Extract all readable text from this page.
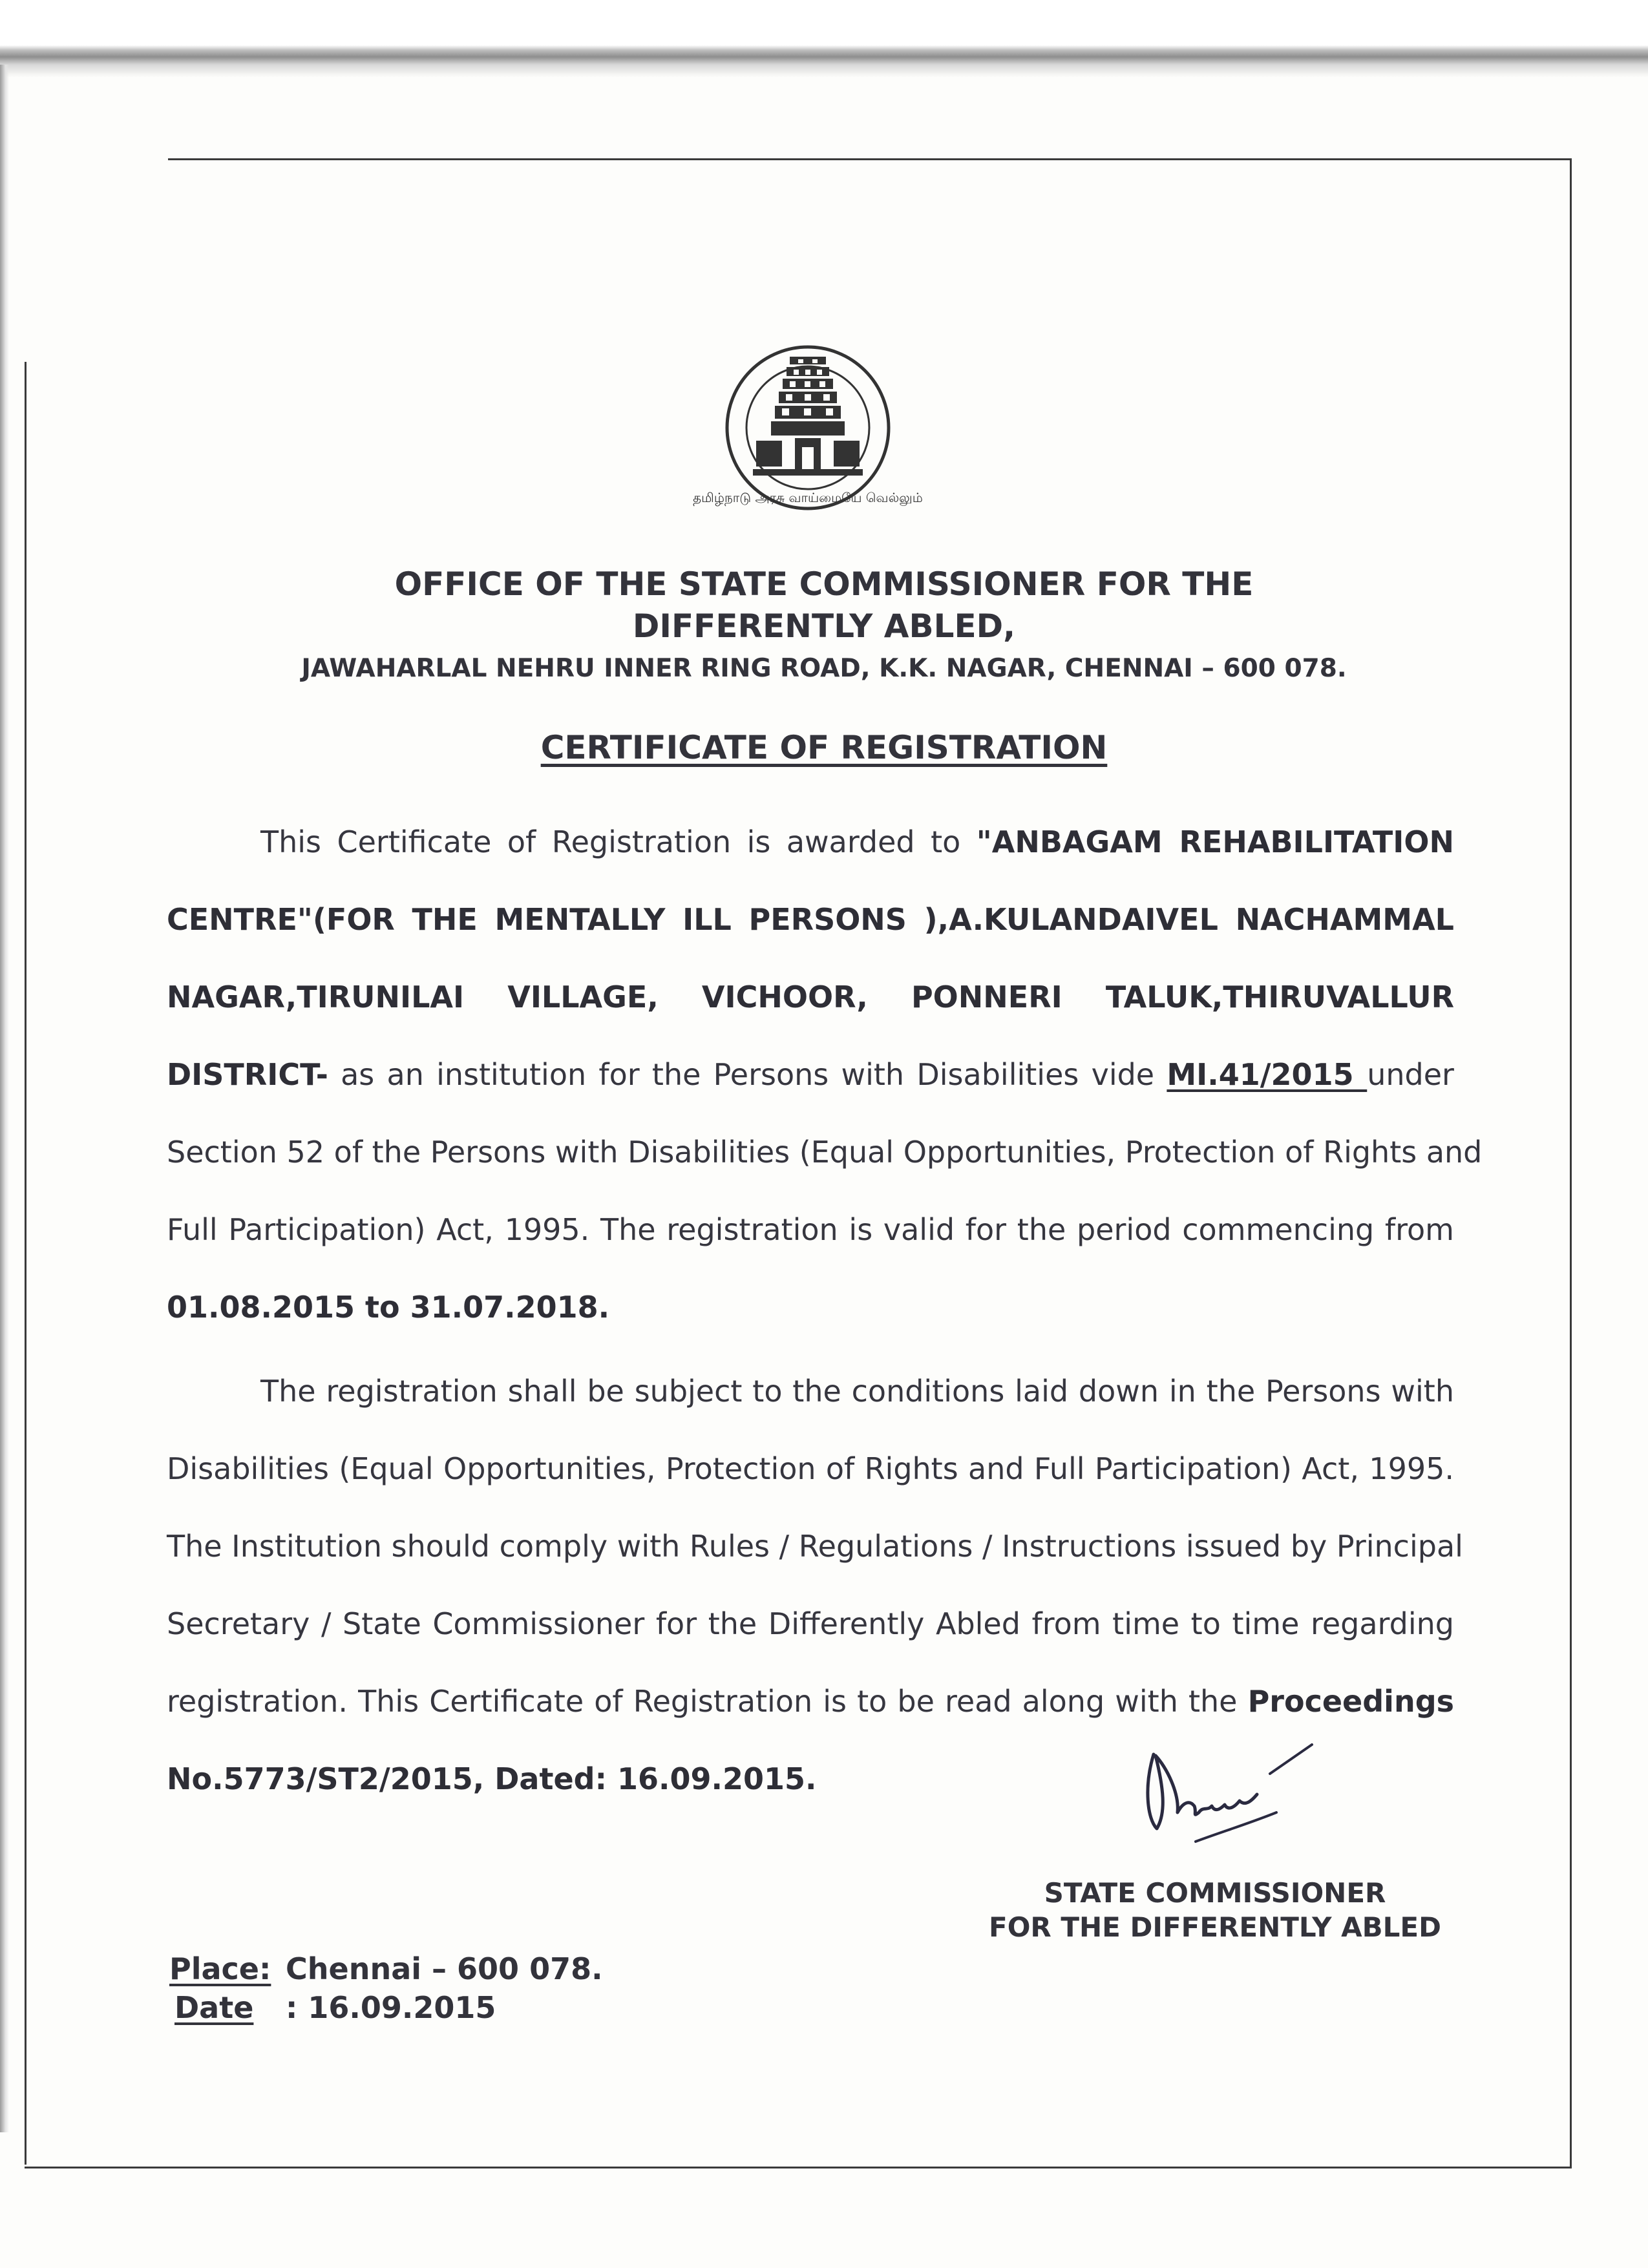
தமிழ்நாடு அரசு வாய்மையே வெல்லும்
OFFICE OF THE STATE COMMISSIONER FOR THE
DIFFERENTLY ABLED,
JAWAHARLAL NEHRU INNER RING ROAD, K.K. NAGAR, CHENNAI – 600 078.
CERTIFICATE OF REGISTRATION
This Certificate of Registration is awarded to "ANBAGAM REHABILITATION
CENTRE"(FOR THE MENTALLY ILL PERSONS ),A.KULANDAIVEL NACHAMMAL
NAGAR,TIRUNILAI VILLAGE, VICHOOR, PONNERI TALUK,THIRUVALLUR
DISTRICT- as an institution for the Persons with Disabilities vide MI.41/2015 under
Section 52 of the Persons with Disabilities (Equal Opportunities, Protection of Rights and
Full Participation) Act, 1995. The registration is valid for the period commencing from
01.08.2015 to 31.07.2018.
The registration shall be subject to the conditions laid down in the Persons with
Disabilities (Equal Opportunities, Protection of Rights and Full Participation) Act, 1995.
The Institution should comply with Rules / Regulations / Instructions issued by Principal
Secretary / State Commissioner for the Differently Abled from time to time regarding
registration. This Certificate of Registration is to be read along with the Proceedings
No.5773/ST2/2015, Dated: 16.09.2015.
STATE COMMISSIONER
FOR THE DIFFERENTLY ABLED
Place: Chennai – 600 078.
Date : 16.09.2015
